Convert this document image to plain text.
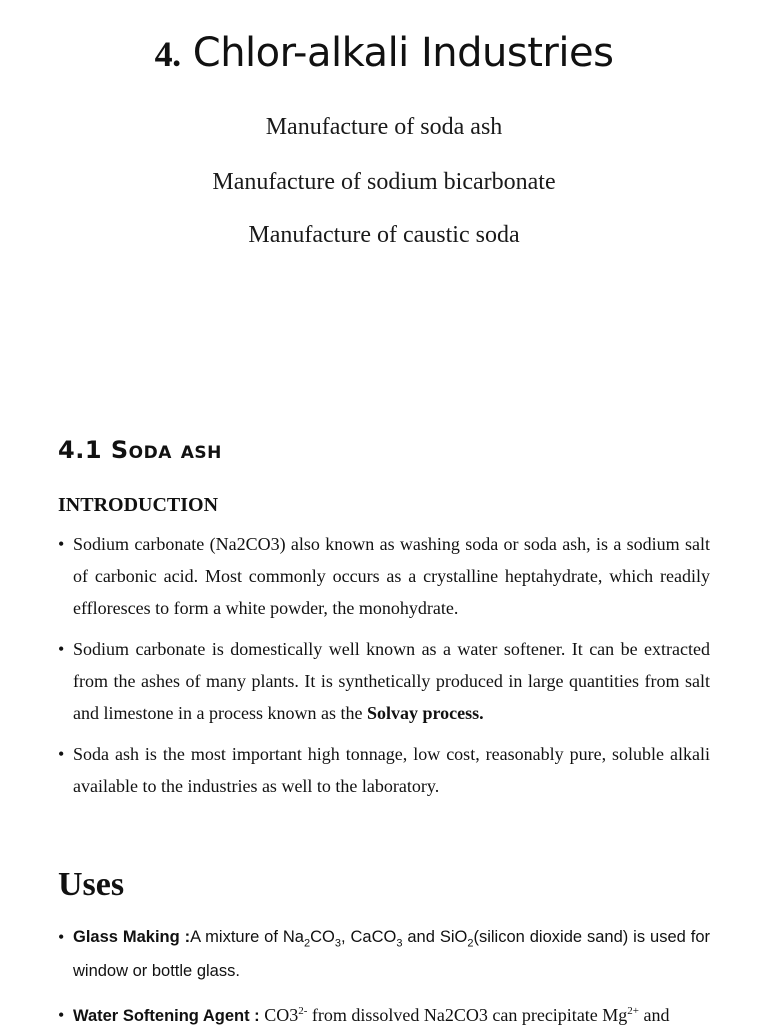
4. Chlor-alkali Industries
Manufacture of soda ash
Manufacture of sodium bicarbonate
Manufacture of caustic soda
4.1 Soda ash
INTRODUCTION
• Sodium carbonate (Na2CO3) also known as washing soda or soda ash, is a sodium salt of carbonic acid. Most commonly occurs as a crystalline heptahydrate, which readily effloresces to form a white powder, the monohydrate.
• Sodium carbonate is domestically well known as a water softener. It can be extracted from the ashes of many plants. It is synthetically produced in large quantities from salt and limestone in a process known as the Solvay process.
• Soda ash is the most important high tonnage, low cost, reasonably pure, soluble alkali available to the industries as well to the laboratory.
Uses
• Glass Making :A mixture of $Na_2CO_3$, CaCO$_3$ and SiO$_2$(silicon dioxide sand) is used for window or bottle glass.
• Water Softening Agent : $CO3^{2-}$ from dissolved Na2CO3 can precipitate $Mg^{2+}$ and
